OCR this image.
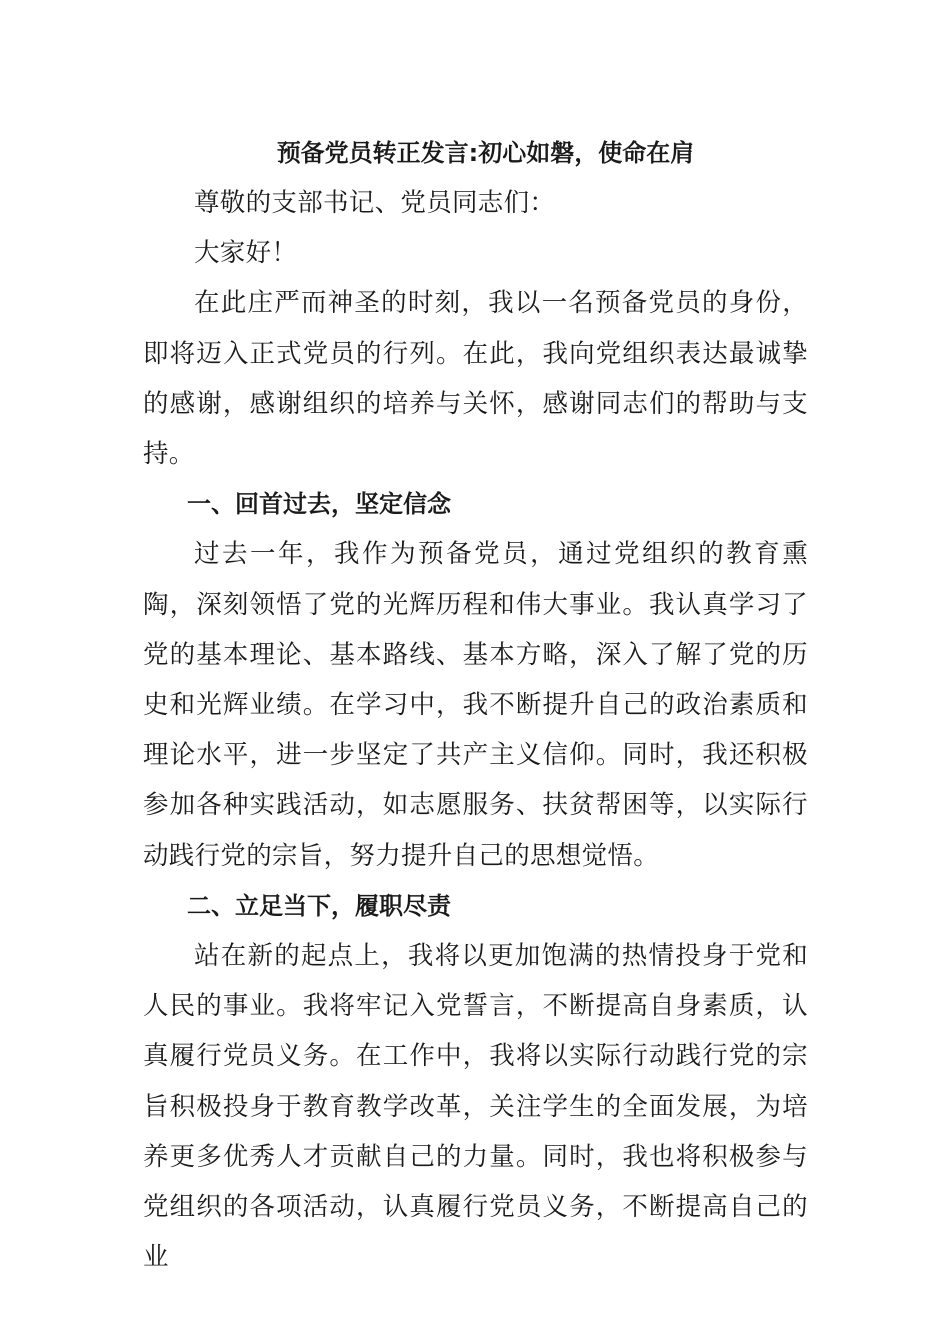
预备党员转正发言:初心如磐，使命在肩

尊敬的支部书记、党员同志们：

大家好！

在此庄严而神圣的时刻，我以一名预备党员的身份，即将迈入正式党员的行列。在此，我向党组织表达最诚挚的感谢，感谢组织的培养与关怀，感谢同志们的帮助与支持。

一、回首过去，坚定信念

过去一年，我作为预备党员，通过党组织的教育熏陶，深刻领悟了党的光辉历程和伟大事业。我认真学习了党的基本理论、基本路线、基本方略，深入了解了党的历史和光辉业绩。在学习中，我不断提升自己的政治素质和理论水平，进一步坚定了共产主义信仰。同时，我还积极参加各种实践活动，如志愿服务、扶贫帮困等，以实际行动践行党的宗旨，努力提升自己的思想觉悟。

二、立足当下，履职尽责

站在新的起点上，我将以更加饱满的热情投身于党和人民的事业。我将牢记入党誓言，不断提高自身素质，认真履行党员义务。在工作中，我将以实际行动践行党的宗旨积极投身于教育教学改革，关注学生的全面发展，为培养更多优秀人才贡献自己的力量。同时，我也将积极参与党组织的各项活动，认真履行党员义务，不断提高自己的业
